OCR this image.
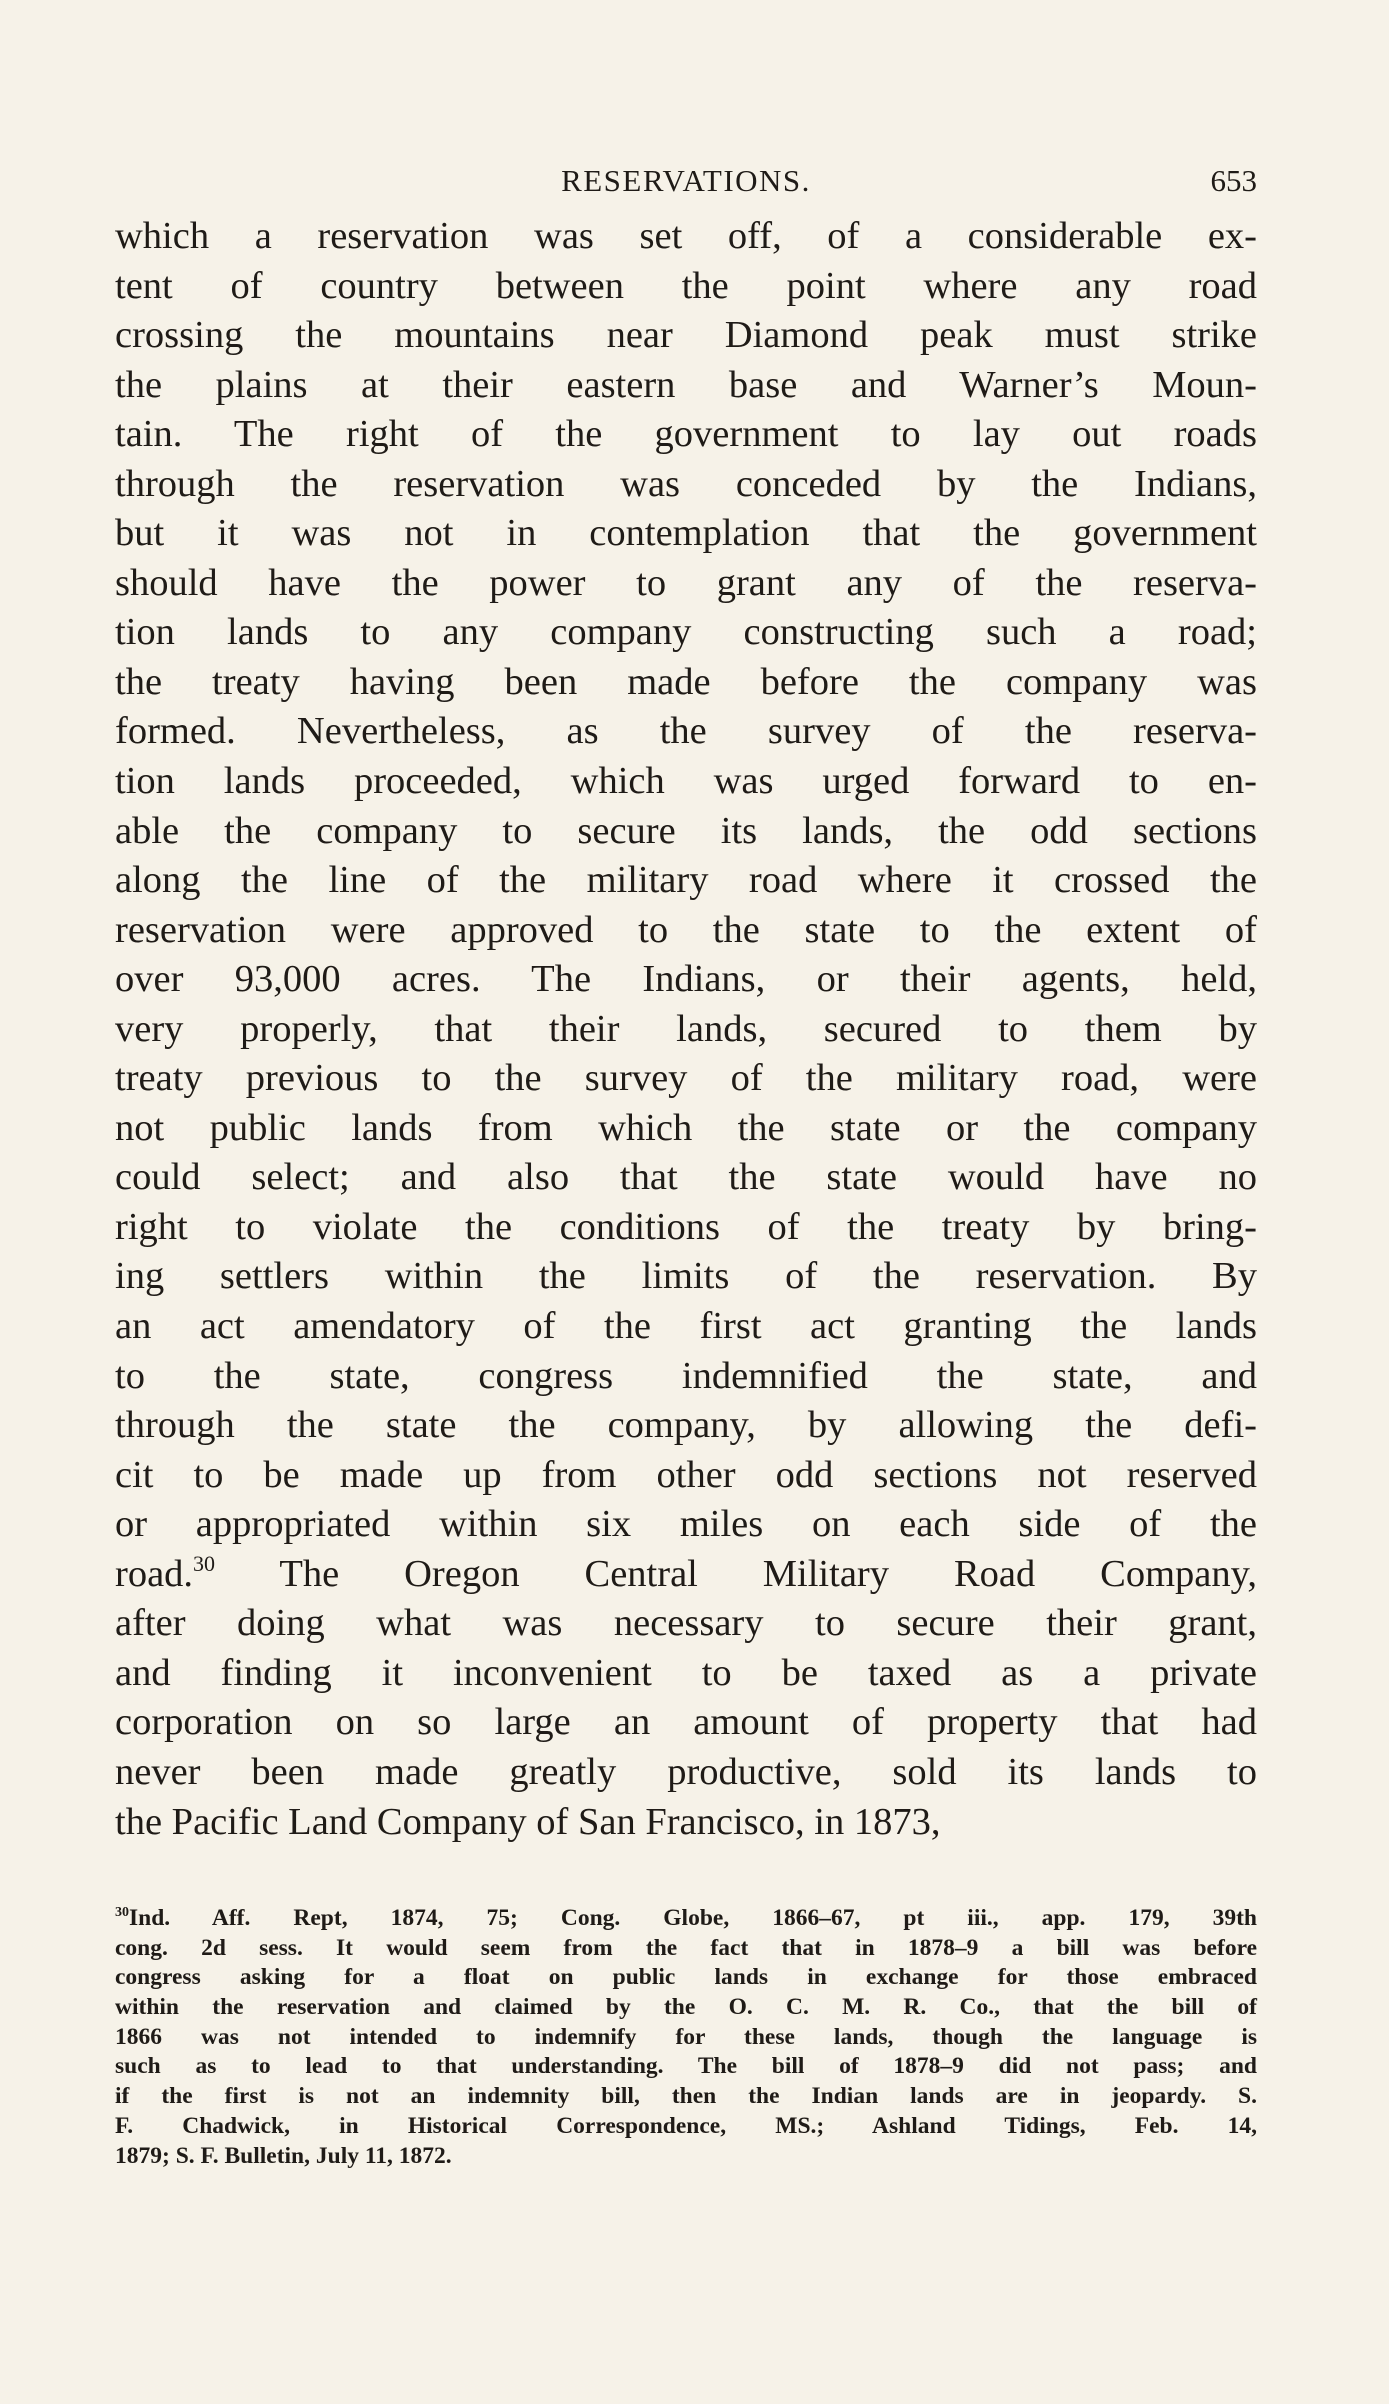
RESERVATIONS.	653
which a reservation was set off, of a considerable ex-
tent of country between the point where any road
crossing the mountains near Diamond peak must strike
the plains at their eastern base and Warner’s Moun-
tain. The right of the government to lay out roads
through the reservation was conceded by the Indians,
but it was not in contemplation that the government
should have the power to grant any of the reserva-
tion lands to any company constructing such a road;
the treaty having been made before the company was
formed. Nevertheless, as the survey of the reserva-
tion lands proceeded, which was urged forward to en-
able the company to secure its lands, the odd sections
along the line of the military road where it crossed the
reservation were approved to the state to the extent of
over 93,000 acres. The Indians, or their agents, held,
very properly, that their lands, secured to them by
treaty previous to the survey of the military road, were
not public lands from which the state or the company
could select; and also that the state would have no
right to violate the conditions of the treaty by bring-
ing settlers within the limits of the reservation. By
an act amendatory of the first act granting the lands
to the state, congress indemnified the state, and
through the state the company, by allowing the defi-
cit to be made up from other odd sections not reserved
or appropriated within six miles on each side of the
road.$^{30}$ The Oregon Central Military Road Company,
after doing what was necessary to secure their grant,
and finding it inconvenient to be taxed as a private
corporation on so large an amount of property that had
never been made greatly productive, sold its lands to
the Pacific Land Company of San Francisco, in 1873,
$^{30}$Ind. Aff. Rept, 1874, 75; Cong. Globe, 1866–67, pt iii., app. 179, 39th
cong. 2d sess. It would seem from the fact that in 1878–9 a bill was before
congress asking for a float on public lands in exchange for those embraced
within the reservation and claimed by the O. C. M. R. Co., that the bill of
1866 was not intended to indemnify for these lands, though the language is
such as to lead to that understanding. The bill of 1878–9 did not pass; and
if the first is not an indemnity bill, then the Indian lands are in jeopardy. S.
F. Chadwick, in Historical Correspondence, MS.; Ashland Tidings, Feb. 14,
1879; S. F. Bulletin, July 11, 1872.
